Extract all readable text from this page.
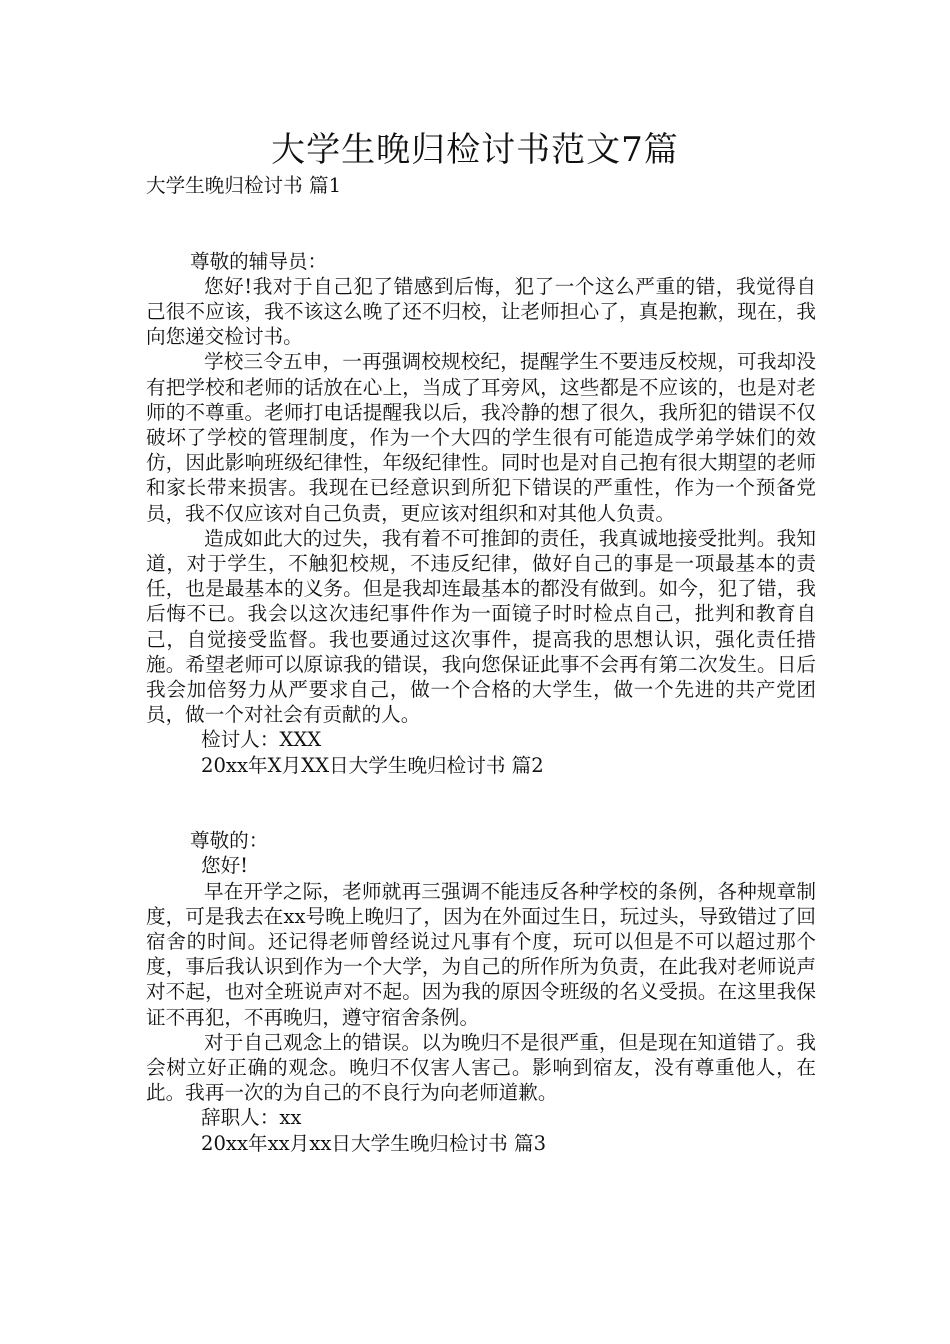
大学生晚归检讨书范文7篇

大学生晚归检讨书 篇1

尊敬的辅导员：

您好!我对于自己犯了错感到后悔，犯了一个这么严重的错，我觉得自己很不应该，我不该这么晚了还不归校，让老师担心了，真是抱歉，现在，我向您递交检讨书。

学校三令五申，一再强调校规校纪，提醒学生不要违反校规，可我却没有把学校和老师的话放在心上，当成了耳旁风，这些都是不应该的，也是对老师的不尊重。老师打电话提醒我以后，我冷静的想了很久，我所犯的错误不仅破坏了学校的管理制度，作为一个大四的学生很有可能造成学弟学妹们的效仿，因此影响班级纪律性，年级纪律性。同时也是对自己抱有很大期望的老师和家长带来损害。我现在已经意识到所犯下错误的严重性，作为一个预备党员，我不仅应该对自己负责，更应该对组织和对其他人负责。

造成如此大的过失，我有着不可推卸的责任，我真诚地接受批判。我知道，对于学生，不触犯校规，不违反纪律，做好自己的事是一项最基本的责任，也是最基本的义务。但是我却连最基本的都没有做到。如今，犯了错，我后悔不已。我会以这次违纪事件作为一面镜子时时检点自己，批判和教育自己，自觉接受监督。我也要通过这次事件，提高我的思想认识，强化责任措施。希望老师可以原谅我的错误，我向您保证此事不会再有第二次发生。日后我会加倍努力从严要求自己，做一个合格的大学生，做一个先进的共产党团员，做一个对社会有贡献的人。

检讨人：XXX

20xx年X月XX日大学生晚归检讨书 篇2

尊敬的：

您好!

早在开学之际，老师就再三强调不能违反各种学校的条例，各种规章制度，可是我去在xx号晚上晚归了，因为在外面过生日，玩过头，导致错过了回宿舍的时间。还记得老师曾经说过凡事有个度，玩可以但是不可以超过那个度，事后我认识到作为一个大学，为自己的所作所为负责，在此我对老师说声对不起，也对全班说声对不起。因为我的原因令班级的名义受损。在这里我保证不再犯，不再晚归，遵守宿舍条例。

对于自己观念上的错误。以为晚归不是很严重，但是现在知道错了。我会树立好正确的观念。晚归不仅害人害己。影响到宿友，没有尊重他人，在此。我再一次的为自己的不良行为向老师道歉。

辞职人：xx

20xx年xx月xx日大学生晚归检讨书 篇3
